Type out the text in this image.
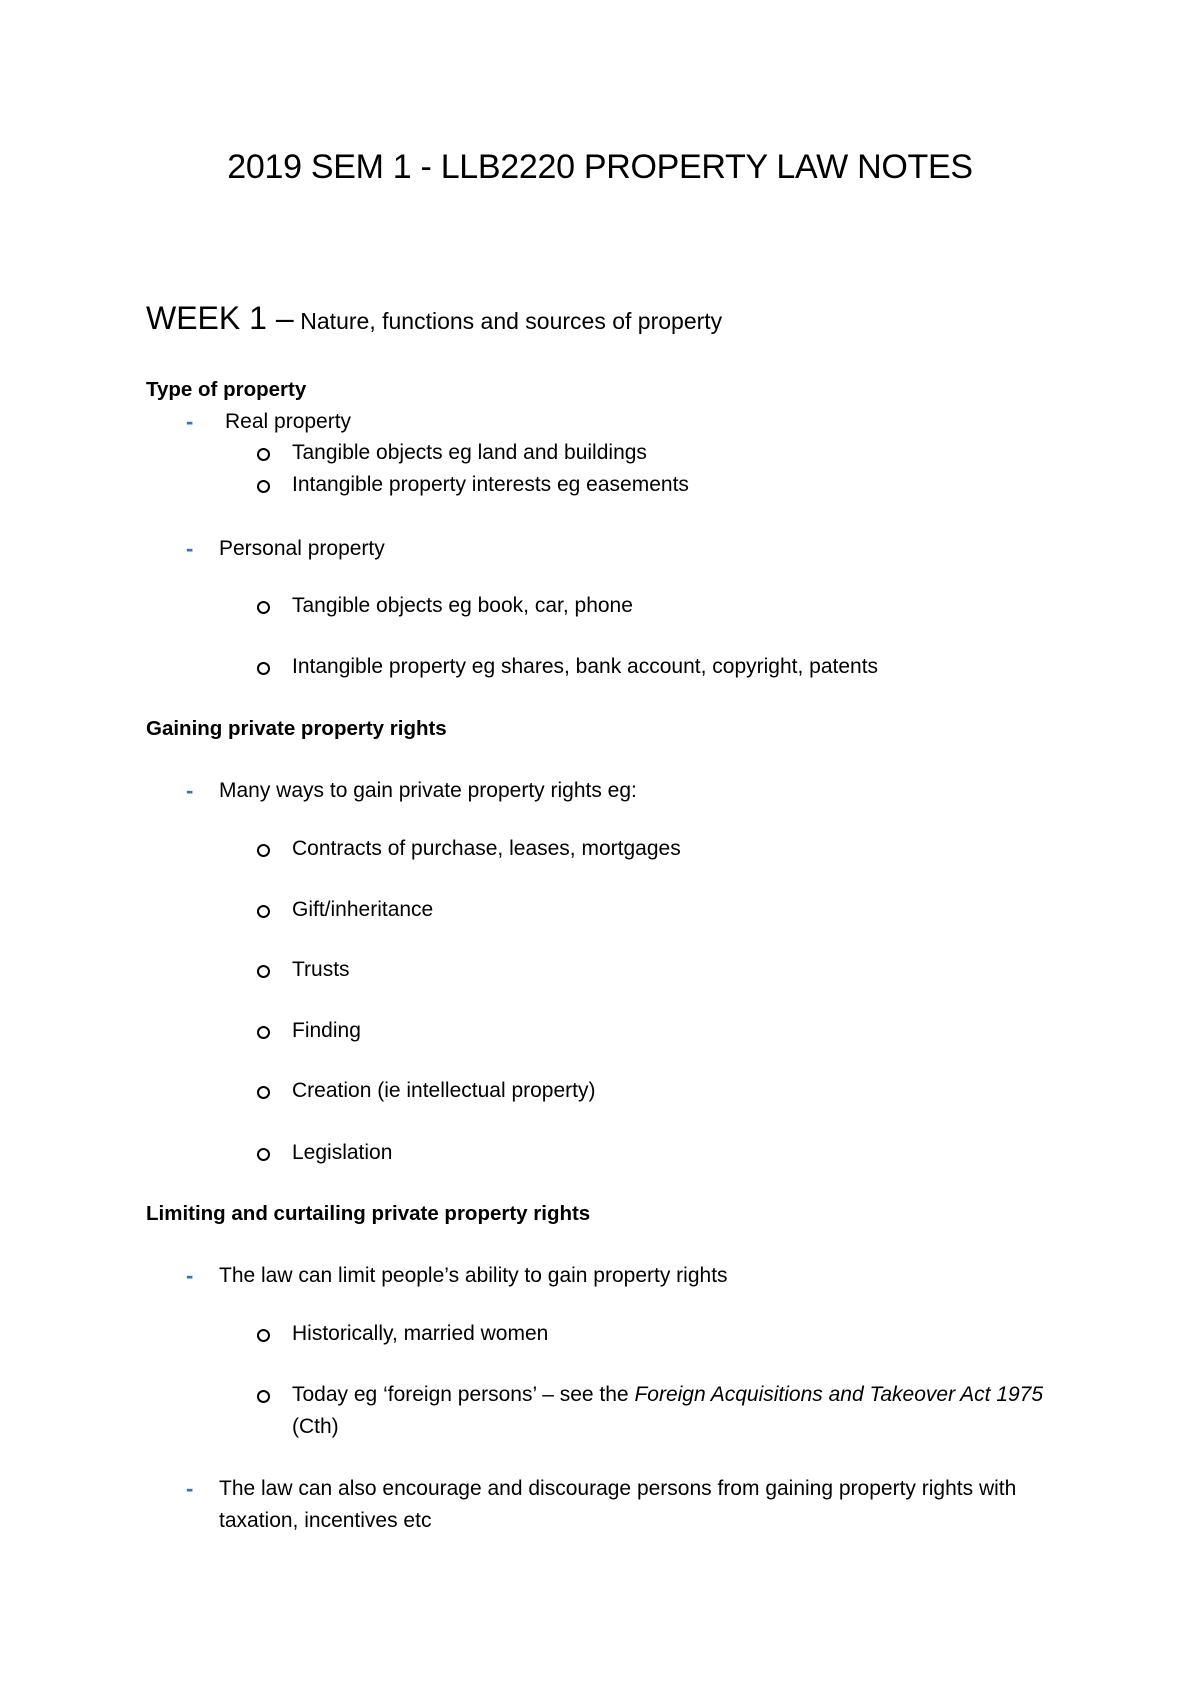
2019 SEM 1 - LLB2220 PROPERTY LAW NOTES
WEEK 1 – Nature, functions and sources of property
Type of property
- Real property
Tangible objects eg land and buildings
Intangible property interests eg easements
- Personal property
Tangible objects eg book, car, phone
Intangible property eg shares, bank account, copyright, patents
Gaining private property rights
- Many ways to gain private property rights eg:
Contracts of purchase, leases, mortgages
Gift/inheritance
Trusts
Finding
Creation (ie intellectual property)
Legislation
Limiting and curtailing private property rights
- The law can limit people’s ability to gain property rights
Historically, married women
Today eg ‘foreign persons’ – see the Foreign Acquisitions and Takeover Act 1975 (Cth)
- The law can also encourage and discourage persons from gaining property rights with taxation, incentives etc
